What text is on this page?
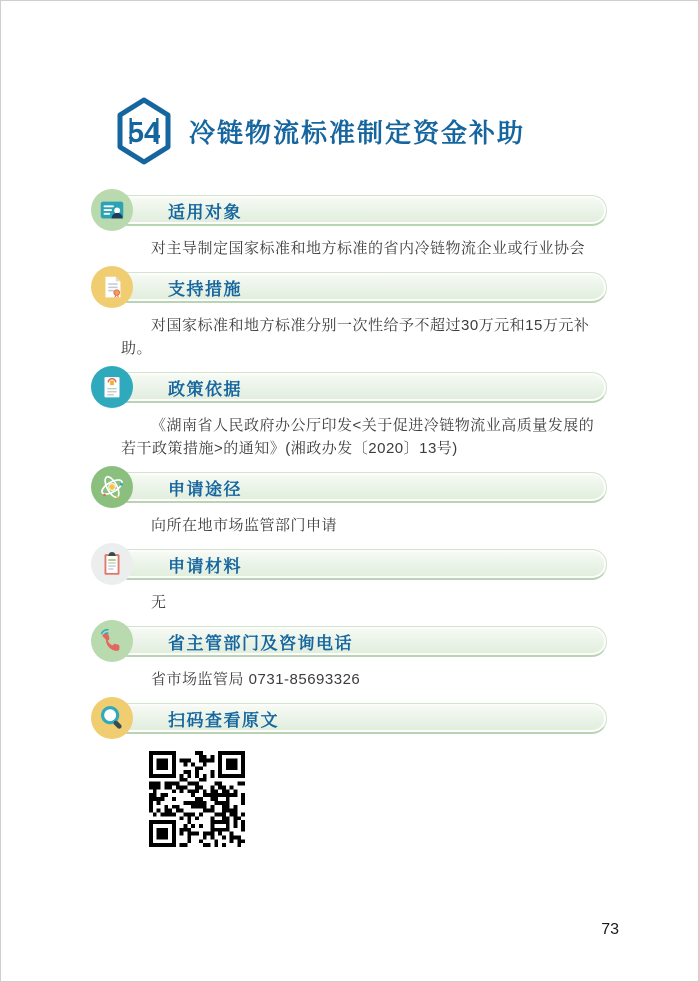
54 冷链物流标准制定资金补助
适用对象

对主导制定国家标准和地方标准的省内冷链物流企业或行业协会

支持措施

对国家标准和地方标准分别一次性给予不超过30万元和15万元补助。

政策依据

《湖南省人民政府办公厅印发<关于促进冷链物流业高质量发展的若干政策措施>的通知》(湘政办发〔2020〕13号)

申请途径

向所在地市场监管部门申请

申请材料

无

省主管部门及咨询电话

省市场监管局 0731-85693326

扫码查看原文
73
